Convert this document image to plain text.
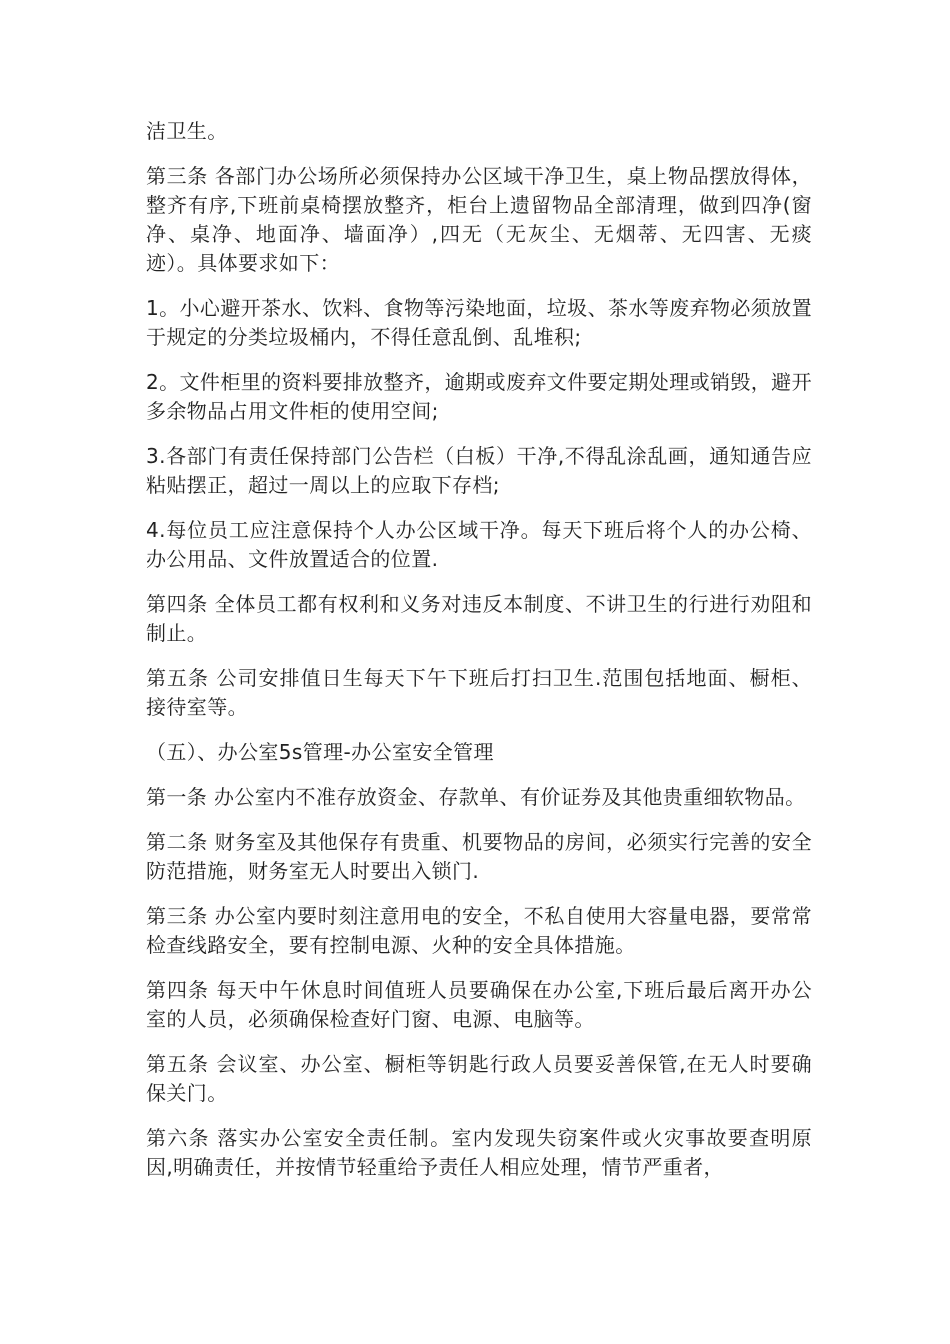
洁卫生。

第三条 各部门办公场所必须保持办公区域干净卫生，桌上物品摆放得体，整齐有序,下班前桌椅摆放整齐，柜台上遗留物品全部清理，做到四净(窗净、桌净、地面净、墙面净）,四无（无灰尘、无烟蒂、无四害、无痰迹）。具体要求如下：

1。小心避开茶水、饮料、食物等污染地面，垃圾、茶水等废弃物必须放置于规定的分类垃圾桶内，不得任意乱倒、乱堆积;

2。文件柜里的资料要排放整齐，逾期或废弃文件要定期处理或销毁，避开多余物品占用文件柜的使用空间;

3.各部门有责任保持部门公告栏（白板）干净,不得乱涂乱画，通知通告应粘贴摆正，超过一周以上的应取下存档;

4.每位员工应注意保持个人办公区域干净。每天下班后将个人的办公椅、办公用品、文件放置适合的位置.

第四条 全体员工都有权利和义务对违反本制度、不讲卫生的行进行劝阻和制止。

第五条 公司安排值日生每天下午下班后打扫卫生.范围包括地面、橱柜、接待室等。

（五）、办公室5s管理-办公室安全管理

第一条 办公室内不准存放资金、存款单、有价证券及其他贵重细软物品。

第二条 财务室及其他保存有贵重、机要物品的房间，必须实行完善的安全防范措施，财务室无人时要出入锁门.

第三条 办公室内要时刻注意用电的安全，不私自使用大容量电器，要常常检查线路安全，要有控制电源、火种的安全具体措施。

第四条 每天中午休息时间值班人员要确保在办公室,下班后最后离开办公室的人员，必须确保检查好门窗、电源、电脑等。

第五条 会议室、办公室、橱柜等钥匙行政人员要妥善保管,在无人时要确保关门。

第六条 落实办公室安全责任制。室内发现失窃案件或火灾事故要查明原因,明确责任，并按情节轻重给予责任人相应处理，情节严重者，
